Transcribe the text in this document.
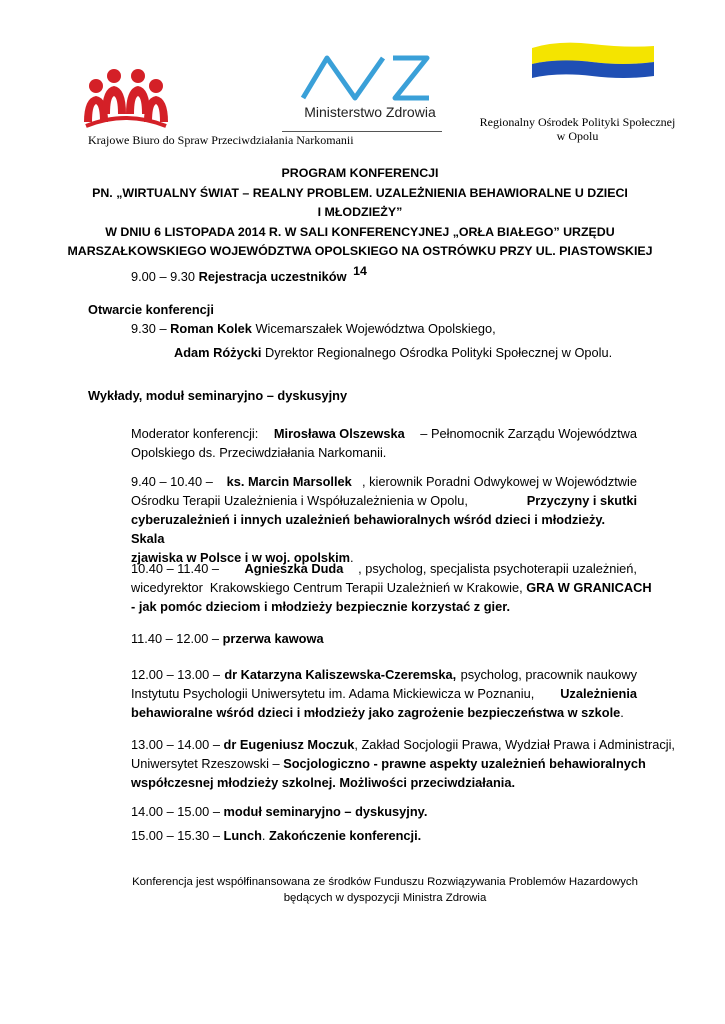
Ministerstwo Zdrowia
Krajowe Biuro do Spraw Przeciwdziałania Narkomanii
Regionalny Ośrodek Polityki Społecznej
w Opolu
PROGRAM KONFERENCJI
PN. „WIRTUALNY ŚWIAT – REALNY PROBLEM. UZALEŻNIENIA BEHAWIORALNE U DZIECI
I MŁODZIEŻY”
W DNIU 6 LISTOPADA 2014 R. W SALI KONFERENCYJNEJ „ORŁA BIAŁEGO” URZĘDU
MARSZAŁKOWSKIEGO WOJEWÓDZTWA OPOLSKIEGO NA OSTRÓWKU PRZY UL. PIASTOWSKIEJ 14
9.00 – 9.30 Rejestracja uczestników
Otwarcie konferencji
9.30 – Roman Kolek Wicemarszałek Województwa Opolskiego,
Adam Różycki Dyrektor Regionalnego Ośrodka Polityki Społecznej w Opolu.
Wykłady, moduł seminaryjno – dyskusyjny
Moderator konferencji: Mirosława Olszewska – Pełnomocnik Zarządu Województwa
Opolskiego ds. Przeciwdziałania Narkomanii.
9.40 – 10.40 – ks. Marcin Marsollek , kierownik Poradni Odwykowej w Województwie
Ośrodku Terapii Uzależnienia i Współuzależnienia w Opolu,	Przyczyny i skutki
cyberuzależnień i innych uzależnień behawioralnych wśród dzieci i młodzieży. Skala
zjawiska w Polsce i w woj. opolskim.
10.40 – 11.40 – Agnieszka Duda , psycholog, specjalista psychoterapii uzależnień,
wicedyrektor  Krakowskiego Centrum Terapii Uzależnień w Krakowie, GRA W GRANICACH
- jak pomóc dzieciom i młodzieży bezpiecznie korzystać z gier.
11.40 – 12.00 – przerwa kawowa
12.00 – 13.00 – dr Katarzyna Kaliszewska-Czeremska, psycholog, pracownik naukowy
Instytutu Psychologii Uniwersytetu im. Adama Mickiewicza w Poznaniu, Uzależnienia
behawioralne wśród dzieci i młodzieży jako zagrożenie bezpieczeństwa w szkole.
13.00 – 14.00 – dr Eugeniusz Moczuk , Zakład Socjologii Prawa, Wydział Prawa i Administracji,
Uniwersytet Rzeszowski – Socjologiczno - prawne aspekty uzależnień behawioralnych
współczesnej młodzieży szkolnej. Możliwości przeciwdziałania.
14.00 – 15.00 – moduł seminaryjno – dyskusyjny.
15.00 – 15.30 – Lunch. Zakończenie konferencji.
Konferencja jest współfinansowana ze środków Funduszu Rozwiązywania Problemów Hazardowych
będących w dyspozycji Ministra Zdrowia
